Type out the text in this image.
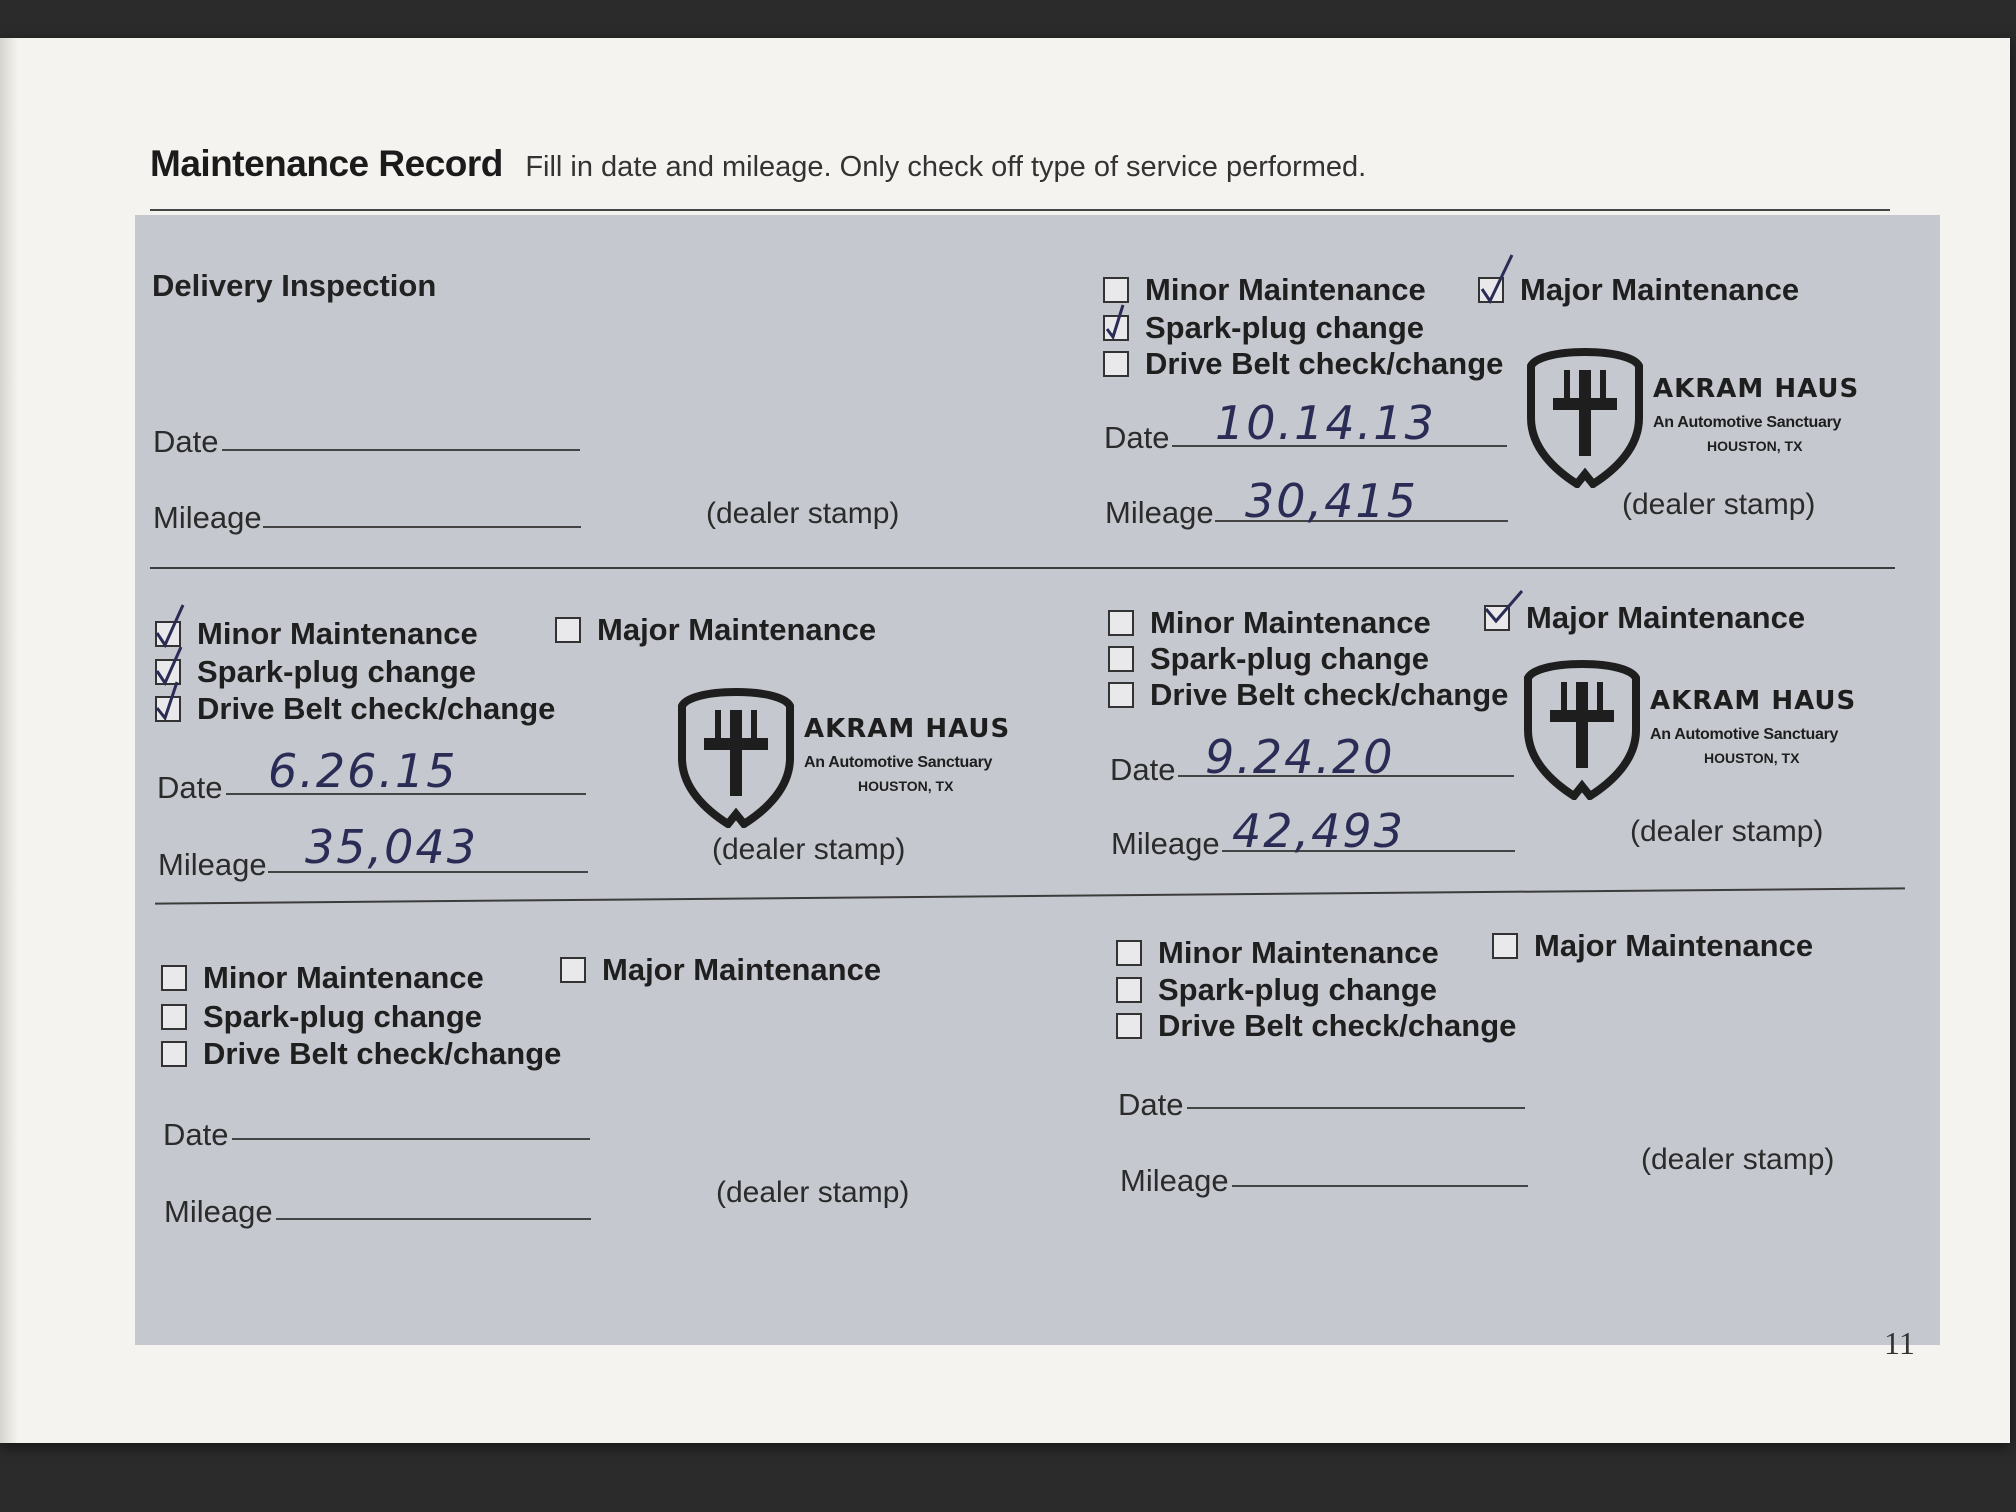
Maintenance Record Fill in date and mileage. Only check off type of service performed.
Delivery Inspection
Date
Mileage	(dealer stamp)
Minor Maintenance	Major Maintenance
Spark-plug change
Drive Belt check/change
Date 10.14.13
Mileage 30,415
AKRAM HAUS
An Automotive Sanctuary
HOUSTON, TX
(dealer stamp)
Minor Maintenance	Major Maintenance
Spark-plug change
Drive Belt check/change
Date 6.26.15
Mileage 35,043
AKRAM HAUS
An Automotive Sanctuary
HOUSTON, TX
(dealer stamp)
Minor Maintenance	Major Maintenance
Spark-plug change
Drive Belt check/change
Date 9.24.20
Mileage 42,493
AKRAM HAUS
An Automotive Sanctuary
HOUSTON, TX
(dealer stamp)
Minor Maintenance	Major Maintenance
Spark-plug change
Drive Belt check/change
Date
Mileage
(dealer stamp)
Minor Maintenance	Major Maintenance
Spark-plug change
Drive Belt check/change
Date
Mileage
(dealer stamp)
11
